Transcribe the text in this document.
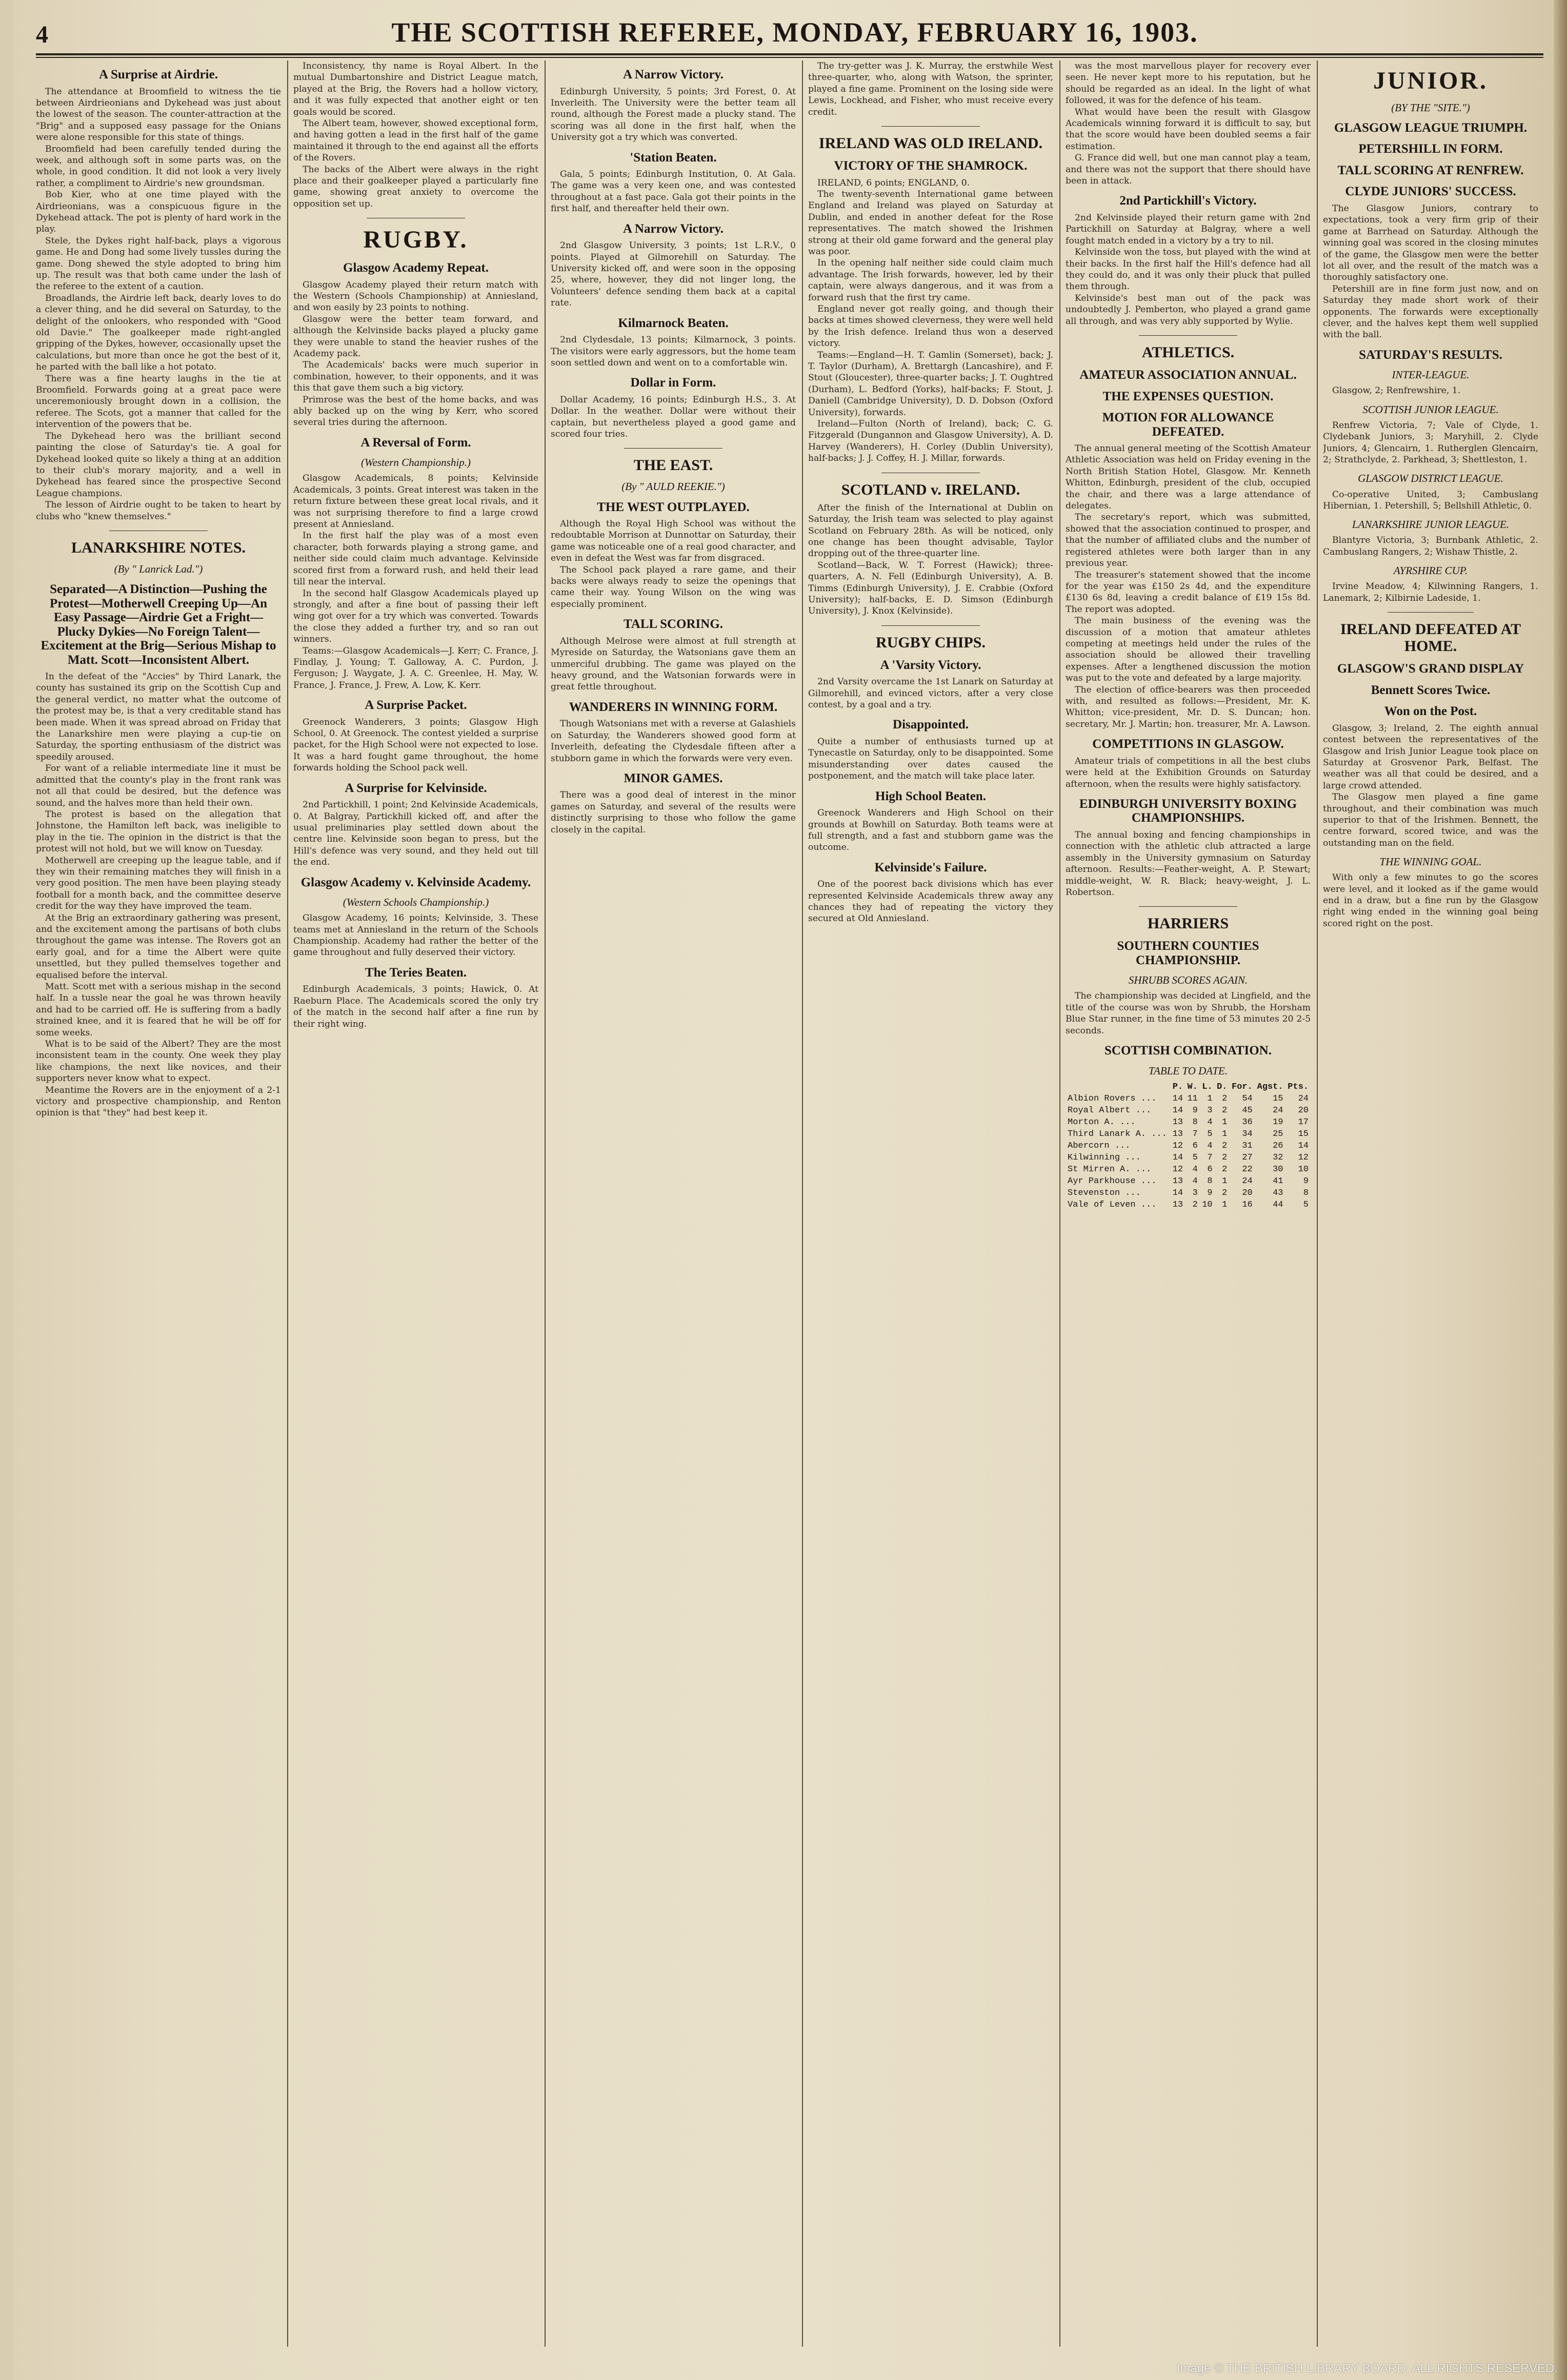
4	THE SCOTTISH REFEREE, MONDAY, FEBRUARY 16, 1903.
A Surprise at Airdrie.

The attendance at Broomfield to witness the tie between Airdrieonians and Dykehead was just about the lowest of the season. The counter-attraction at the "Brig" and a supposed easy passage for the Onians were alone responsible for this state of things.

Broomfield had been carefully tended during the week, and although soft in some parts was, on the whole, in good condition. It did not look a very lively rather, a compliment to Airdrie's new groundsman.

Bob Kier, who at one time played with the Airdrieonians, was a conspicuous figure in the Dykehead attack. The pot is plenty of hard work in the play.

Stele, the Dykes right half-back, plays a vigorous game. He and Dong had some lively tussles during the game. Dong shewed the style adopted to bring him up. The result was that both came under the lash of the referee to the extent of a caution.

Broadlands, the Airdrie left back, dearly loves to do a clever thing, and he did several on Saturday, to the delight of the onlookers, who responded with "Good old Davie." The goalkeeper made right-angled gripping of the Dykes, however, occasionally upset the calculations, but more than once he got the best of it, he parted with the ball like a hot potato.

There was a fine hearty laughs in the tie at Broomfield. Forwards going at a great pace were unceremoniously brought down in a collision, the referee. The Scots, got a manner that called for the intervention of the powers that be.

The Dykehead hero was the brilliant second painting the close of Saturday's tie. A goal for Dykehead looked quite so likely a thing at an addition to their club's morary majority, and a well in Dykehead has feared since the prospective Second League champions.

The lesson of Airdrie ought to be taken to heart by clubs who "knew themselves."

LANARKSHIRE NOTES.
(By " Lanrick Lad.")
Separated—A Distinction—Pushing the Protest—Motherwell Creeping Up—An Easy Passage—Airdrie Get a Fright—Plucky Dykies—No Foreign Talent—Excitement at the Brig—Serious Mishap to Matt. Scott—Inconsistent Albert.

In the defeat of the "Accies" by Third Lanark, the county has sustained its grip on the Scottish Cup and the general verdict, no matter what the outcome of the protest may be, is that a very creditable stand has been made. When it was spread abroad on Friday that the Lanarkshire men were playing a cup-tie on Saturday, the sporting enthusiasm of the district was speedily aroused.

For want of a reliable intermediate line it must be admitted that the county's play in the front rank was not all that could be desired, but the defence was sound, and the halves more than held their own.

The protest is based on the allegation that Johnstone, the Hamilton left back, was ineligible to play in the tie. The opinion in the district is that the protest will not hold, but we will know on Tuesday.

Motherwell are creeping up the league table, and if they win their remaining matches they will finish in a very good position. The men have been playing steady football for a month back, and the committee deserve credit for the way they have improved the team.

At the Brig an extraordinary gathering was present, and the excitement among the partisans of both clubs throughout the game was intense. The Rovers got an early goal, and for a time the Albert were quite unsettled, but they pulled themselves together and equalised before the interval.

Matt. Scott met with a serious mishap in the second half. In a tussle near the goal he was thrown heavily and had to be carried off. He is suffering from a badly strained knee, and it is feared that he will be off for some weeks.

What is to be said of the Albert? They are the most inconsistent team in the county. One week they play like champions, the next like novices, and their supporters never know what to expect.

Meantime the Rovers are in the enjoyment of a 2-1 victory and prospective championship, and Renton opinion is that "they" had best keep it.

Inconsistency, thy name is Royal Albert. In the mutual Dumbartonshire and District League match, played at the Brig, the Rovers had a hollow victory, and it was fully expected that another eight or ten goals would be scored.

The Albert team, however, showed exceptional form, and having gotten a lead in the first half of the game maintained it through to the end against all the efforts of the Rovers.

The backs of the Albert were always in the right place and their goalkeeper played a particularly fine game, showing great anxiety to overcome the opposition set up.

RUGBY.
Glasgow Academy Repeat.

Glasgow Academy played their return match with the Western (Schools Championship) at Anniesland, and won easily by 23 points to nothing.

Glasgow were the better team forward, and although the Kelvinside backs played a plucky game they were unable to stand the heavier rushes of the Academy pack.

The Academicals' backs were much superior in combination, however, to their opponents, and it was this that gave them such a big victory.

Primrose was the best of the home backs, and was ably backed up on the wing by Kerr, who scored several tries during the afternoon.

A Reversal of Form.
(Western Championship.)

Glasgow Academicals, 8 points; Kelvinside Academicals, 3 points. Great interest was taken in the return fixture between these great local rivals, and it was not surprising therefore to find a large crowd present at Anniesland.

In the first half the play was of a most even character, both forwards playing a strong game, and neither side could claim much advantage. Kelvinside scored first from a forward rush, and held their lead till near the interval.

In the second half Glasgow Academicals played up strongly, and after a fine bout of passing their left wing got over for a try which was converted. Towards the close they added a further try, and so ran out winners.

Teams:—Glasgow Academicals—J. Kerr; C. France, J. Findlay, J. Young; T. Galloway, A. C. Purdon, J. Ferguson; J. Waygate, J. A. C. Greenlee, H. May, W. France, J. France, J. Frew, A. Low, K. Kerr.

A Surprise Packet.

Greenock Wanderers, 3 points; Glasgow High School, 0. At Greenock. The contest yielded a surprise packet, for the High School were not expected to lose. It was a hard fought game throughout, the home forwards holding the School pack well.

A Surprise for Kelvinside.

2nd Partickhill, 1 point; 2nd Kelvinside Academicals, 0. At Balgray, Partickhill kicked off, and after the usual preliminaries play settled down about the centre line. Kelvinside soon began to press, but the Hill's defence was very sound, and they held out till the end.

Glasgow Academy v. Kelvinside Academy.
(Western Schools Championship.)

Glasgow Academy, 16 points; Kelvinside, 3. These teams met at Anniesland in the return of the Schools Championship. Academy had rather the better of the game throughout and fully deserved their victory.

The Teries Beaten.

Edinburgh Academicals, 3 points; Hawick, 0. At Raeburn Place. The Academicals scored the only try of the match in the second half after a fine run by their right wing.

A Narrow Victory.

Edinburgh University, 5 points; 3rd Forest, 0. At Inverleith. The University were the better team all round, although the Forest made a plucky stand. The scoring was all done in the first half, when the University got a try which was converted.

'Station Beaten.

Gala, 5 points; Edinburgh Institution, 0. At Gala. The game was a very keen one, and was contested throughout at a fast pace. Gala got their points in the first half, and thereafter held their own.

A Narrow Victory.

2nd Glasgow University, 3 points; 1st L.R.V., 0 points. Played at Gilmorehill on Saturday. The University kicked off, and were soon in the opposing 25, where, however, they did not linger long, the Volunteers' defence sending them back at a capital rate.

Kilmarnock Beaten.

2nd Clydesdale, 13 points; Kilmarnock, 3 points. The visitors were early aggressors, but the home team soon settled down and went on to a comfortable win.

Dollar in Form.

Dollar Academy, 16 points; Edinburgh H.S., 3. At Dollar. In the weather. Dollar were without their captain, but nevertheless played a good game and scored four tries.

THE EAST.
(By " AULD REEKIE.")
THE WEST OUTPLAYED.

Although the Royal High School was without the redoubtable Morrison at Dunnottar on Saturday, their game was noticeable one of a real good character, and even in defeat the West was far from disgraced.

The School pack played a rare game, and their backs were always ready to seize the openings that came their way. Young Wilson on the wing was especially prominent.

TALL SCORING.

Although Melrose were almost at full strength at Myreside on Saturday, the Watsonians gave them an unmerciful drubbing. The game was played on the heavy ground, and the Watsonian forwards were in great fettle throughout.

WANDERERS IN WINNING FORM.

Though Watsonians met with a reverse at Galashiels on Saturday, the Wanderers showed good form at Inverleith, defeating the Clydesdale fifteen after a stubborn game in which the forwards were very even.

MINOR GAMES.

There was a good deal of interest in the minor games on Saturday, and several of the results were distinctly surprising to those who follow the game closely in the capital.

The try-getter was J. K. Murray, the erstwhile West three-quarter, who, along with Watson, the sprinter, played a fine game. Prominent on the losing side were Lewis, Lockhead, and Fisher, who must receive every credit.

IRELAND WAS OLD IRELAND.
VICTORY OF THE SHAMROCK.

IRELAND, 6 points; ENGLAND, 0.

The twenty-seventh International game between England and Ireland was played on Saturday at Dublin, and ended in another defeat for the Rose representatives. The match showed the Irishmen strong at their old game forward and the general play was poor.

In the opening half neither side could claim much advantage. The Irish forwards, however, led by their captain, were always dangerous, and it was from a forward rush that the first try came.

England never got really going, and though their backs at times showed cleverness, they were well held by the Irish defence. Ireland thus won a deserved victory.

Teams:—England—H. T. Gamlin (Somerset), back; J. T. Taylor (Durham), A. Brettargh (Lancashire), and F. Stout (Gloucester), three-quarter backs; J. T. Oughtred (Durham), L. Bedford (Yorks), half-backs; F. Stout, J. Daniell (Cambridge University), D. D. Dobson (Oxford University), forwards.

Ireland—Fulton (North of Ireland), back; C. G. Fitzgerald (Dungannon and Glasgow University), A. D. Harvey (Wanderers), H. Corley (Dublin University), half-backs; J. J. Coffey, H. J. Millar, forwards.

SCOTLAND v. IRELAND.

After the finish of the International at Dublin on Saturday, the Irish team was selected to play against Scotland on February 28th. As will be noticed, only one change has been thought advisable, Taylor dropping out of the three-quarter line.

Scotland—Back, W. T. Forrest (Hawick); three-quarters, A. N. Fell (Edinburgh University), A. B. Timms (Edinburgh University), J. E. Crabbie (Oxford University); half-backs, E. D. Simson (Edinburgh University), J. Knox (Kelvinside).

RUGBY CHIPS.
A 'Varsity Victory.

2nd Varsity overcame the 1st Lanark on Saturday at Gilmorehill, and evinced victors, after a very close contest, by a goal and a try.

Disappointed.

Quite a number of enthusiasts turned up at Tynecastle on Saturday, only to be disappointed. Some misunderstanding over dates caused the postponement, and the match will take place later.

High School Beaten.

Greenock Wanderers and High School on their grounds at Bowhill on Saturday. Both teams were at full strength, and a fast and stubborn game was the outcome.

Kelvinside's Failure.

One of the poorest back divisions which has ever represented Kelvinside Academicals threw away any chances they had of repeating the victory they secured at Old Anniesland.

was the most marvellous player for recovery ever seen. He never kept more to his reputation, but he should be regarded as an ideal. In the light of what followed, it was for the defence of his team.

What would have been the result with Glasgow Academicals winning forward it is difficult to say, but that the score would have been doubled seems a fair estimation.

G. France did well, but one man cannot play a team, and there was not the support that there should have been in attack.

2nd Partickhill's Victory.

2nd Kelvinside played their return game with 2nd Partickhill on Saturday at Balgray, where a well fought match ended in a victory by a try to nil.

Kelvinside won the toss, but played with the wind at their backs. In the first half the Hill's defence had all they could do, and it was only their pluck that pulled them through.

Kelvinside's best man out of the pack was undoubtedly J. Pemberton, who played a grand game all through, and was very ably supported by Wylie.

ATHLETICS.
AMATEUR ASSOCIATION ANNUAL.
THE EXPENSES QUESTION.
MOTION FOR ALLOWANCE DEFEATED.

The annual general meeting of the Scottish Amateur Athletic Association was held on Friday evening in the North British Station Hotel, Glasgow. Mr. Kenneth Whitton, Edinburgh, president of the club, occupied the chair, and there was a large attendance of delegates.

The secretary's report, which was submitted, showed that the association continued to prosper, and that the number of affiliated clubs and the number of registered athletes were both larger than in any previous year.

The treasurer's statement showed that the income for the year was £150 2s 4d, and the expenditure £130 6s 8d, leaving a credit balance of £19 15s 8d. The report was adopted.

The main business of the evening was the discussion of a motion that amateur athletes competing at meetings held under the rules of the association should be allowed their travelling expenses. After a lengthened discussion the motion was put to the vote and defeated by a large majority.

The election of office-bearers was then proceeded with, and resulted as follows:—President, Mr. K. Whitton; vice-president, Mr. D. S. Duncan; hon. secretary, Mr. J. Martin; hon. treasurer, Mr. A. Lawson.

COMPETITIONS IN GLASGOW.

Amateur trials of competitions in all the best clubs were held at the Exhibition Grounds on Saturday afternoon, when the results were highly satisfactory.

EDINBURGH UNIVERSITY BOXING CHAMPIONSHIPS.

The annual boxing and fencing championships in connection with the athletic club attracted a large assembly in the University gymnasium on Saturday afternoon. Results:—Feather-weight, A. P. Stewart; middle-weight, W. R. Black; heavy-weight, J. L. Robertson.

HARRIERS
SOUTHERN COUNTIES CHAMPIONSHIP.
SHRUBB SCORES AGAIN.

The championship was decided at Lingfield, and the title of the course was won by Shrubb, the Horsham Blue Star runner, in the fine time of 53 minutes 20 2-5 seconds.

SCOTTISH COMBINATION.
TABLE TO DATE.
	P.	W.	L.	D.	For.	Agst.	Pts.
Albion Rovers ...	14	11	1	2	54	15	24
Royal Albert ...	14	9	3	2	45	24	20
Morton A. ...	13	8	4	1	36	19	17
Third Lanark A. ...	13	7	5	1	34	25	15
Abercorn ...	12	6	4	2	31	26	14
Kilwinning ...	14	5	7	2	27	32	12
St Mirren A. ...	12	4	6	2	22	30	10
Ayr Parkhouse ...	13	4	8	1	24	41	9
Stevenston ...	14	3	9	2	20	43	8
Vale of Leven ...	13	2	10	1	16	44	5
JUNIOR.
(BY THE "SITE.")
GLASGOW LEAGUE TRIUMPH.
PETERSHILL IN FORM.
TALL SCORING AT RENFREW.
CLYDE JUNIORS' SUCCESS.

The Glasgow Juniors, contrary to expectations, took a very firm grip of their game at Barrhead on Saturday. Although the winning goal was scored in the closing minutes of the game, the Glasgow men were the better lot all over, and the result of the match was a thoroughly satisfactory one.

Petershill are in fine form just now, and on Saturday they made short work of their opponents. The forwards were exceptionally clever, and the halves kept them well supplied with the ball.

SATURDAY'S RESULTS.
INTER-LEAGUE.

Glasgow, 2; Renfrewshire, 1.

SCOTTISH JUNIOR LEAGUE.

Renfrew Victoria, 7; Vale of Clyde, 1. Clydebank Juniors, 3; Maryhill, 2. Clyde Juniors, 4; Glencairn, 1. Rutherglen Glencairn, 2; Strathclyde, 2. Parkhead, 3; Shettleston, 1.

GLASGOW DISTRICT LEAGUE.

Co-operative United, 3; Cambuslang Hibernian, 1. Petershill, 5; Bellshill Athletic, 0.

LANARKSHIRE JUNIOR LEAGUE.

Blantyre Victoria, 3; Burnbank Athletic, 2. Cambuslang Rangers, 2; Wishaw Thistle, 2.

AYRSHIRE CUP.

Irvine Meadow, 4; Kilwinning Rangers, 1. Lanemark, 2; Kilbirnie Ladeside, 1.

IRELAND DEFEATED AT HOME.
GLASGOW'S GRAND DISPLAY
Bennett Scores Twice.
Won on the Post.

Glasgow, 3; Ireland, 2. The eighth annual contest between the representatives of the Glasgow and Irish Junior League took place on Saturday at Grosvenor Park, Belfast. The weather was all that could be desired, and a large crowd attended.

The Glasgow men played a fine game throughout, and their combination was much superior to that of the Irishmen. Bennett, the centre forward, scored twice, and was the outstanding man on the field.

THE WINNING GOAL.

With only a few minutes to go the scores were level, and it looked as if the game would end in a draw, but a fine run by the Glasgow right wing ended in the winning goal being scored right on the post.

Image © THE BRITISH LIBRARY BOARD. ALL RIGHTS RESERVED.
